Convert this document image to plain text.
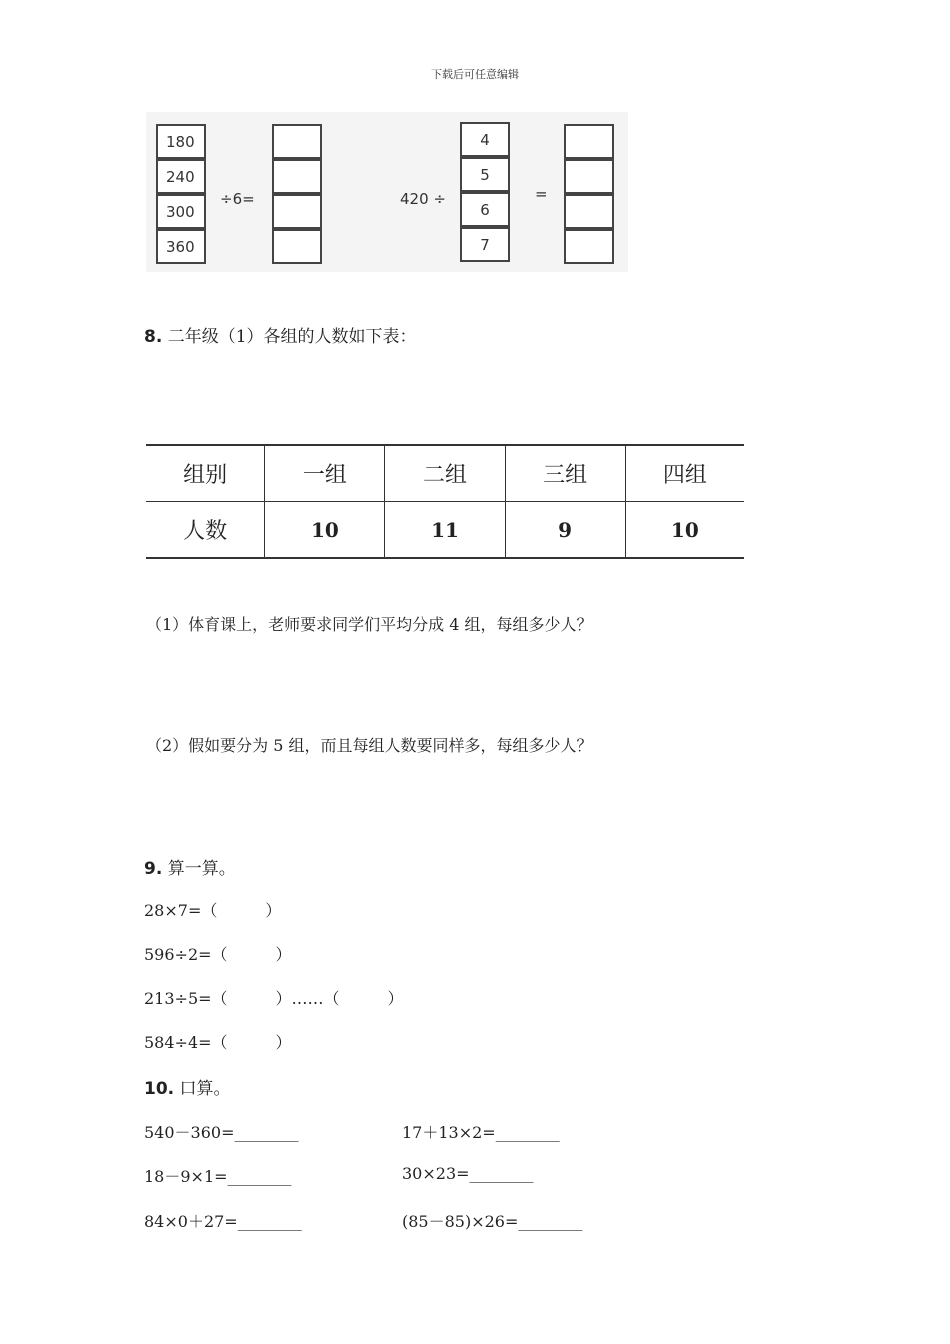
下载后可任意编辑
180
240
300
360
÷6=	420 ÷
4
5
6
7
=
8. 二年级（1）各组的人数如下表：
组别	一组	二组	三组	四组
人数	10	11	9	10
（1）体育课上，老师要求同学们平均分成 4 组，每组多少人？
（2）假如要分为 5 组，而且每组人数要同样多，每组多少人？
9. 算一算。
28×7=（　　　）
596÷2=（　　　）
213÷5=（　　　）……（　　　）
584÷4=（　　　）
10. 口算。
540－360=________
18－9×1=________
84×0＋27=________
17＋13×2=________
30×23=________
(85－85)×26=________
